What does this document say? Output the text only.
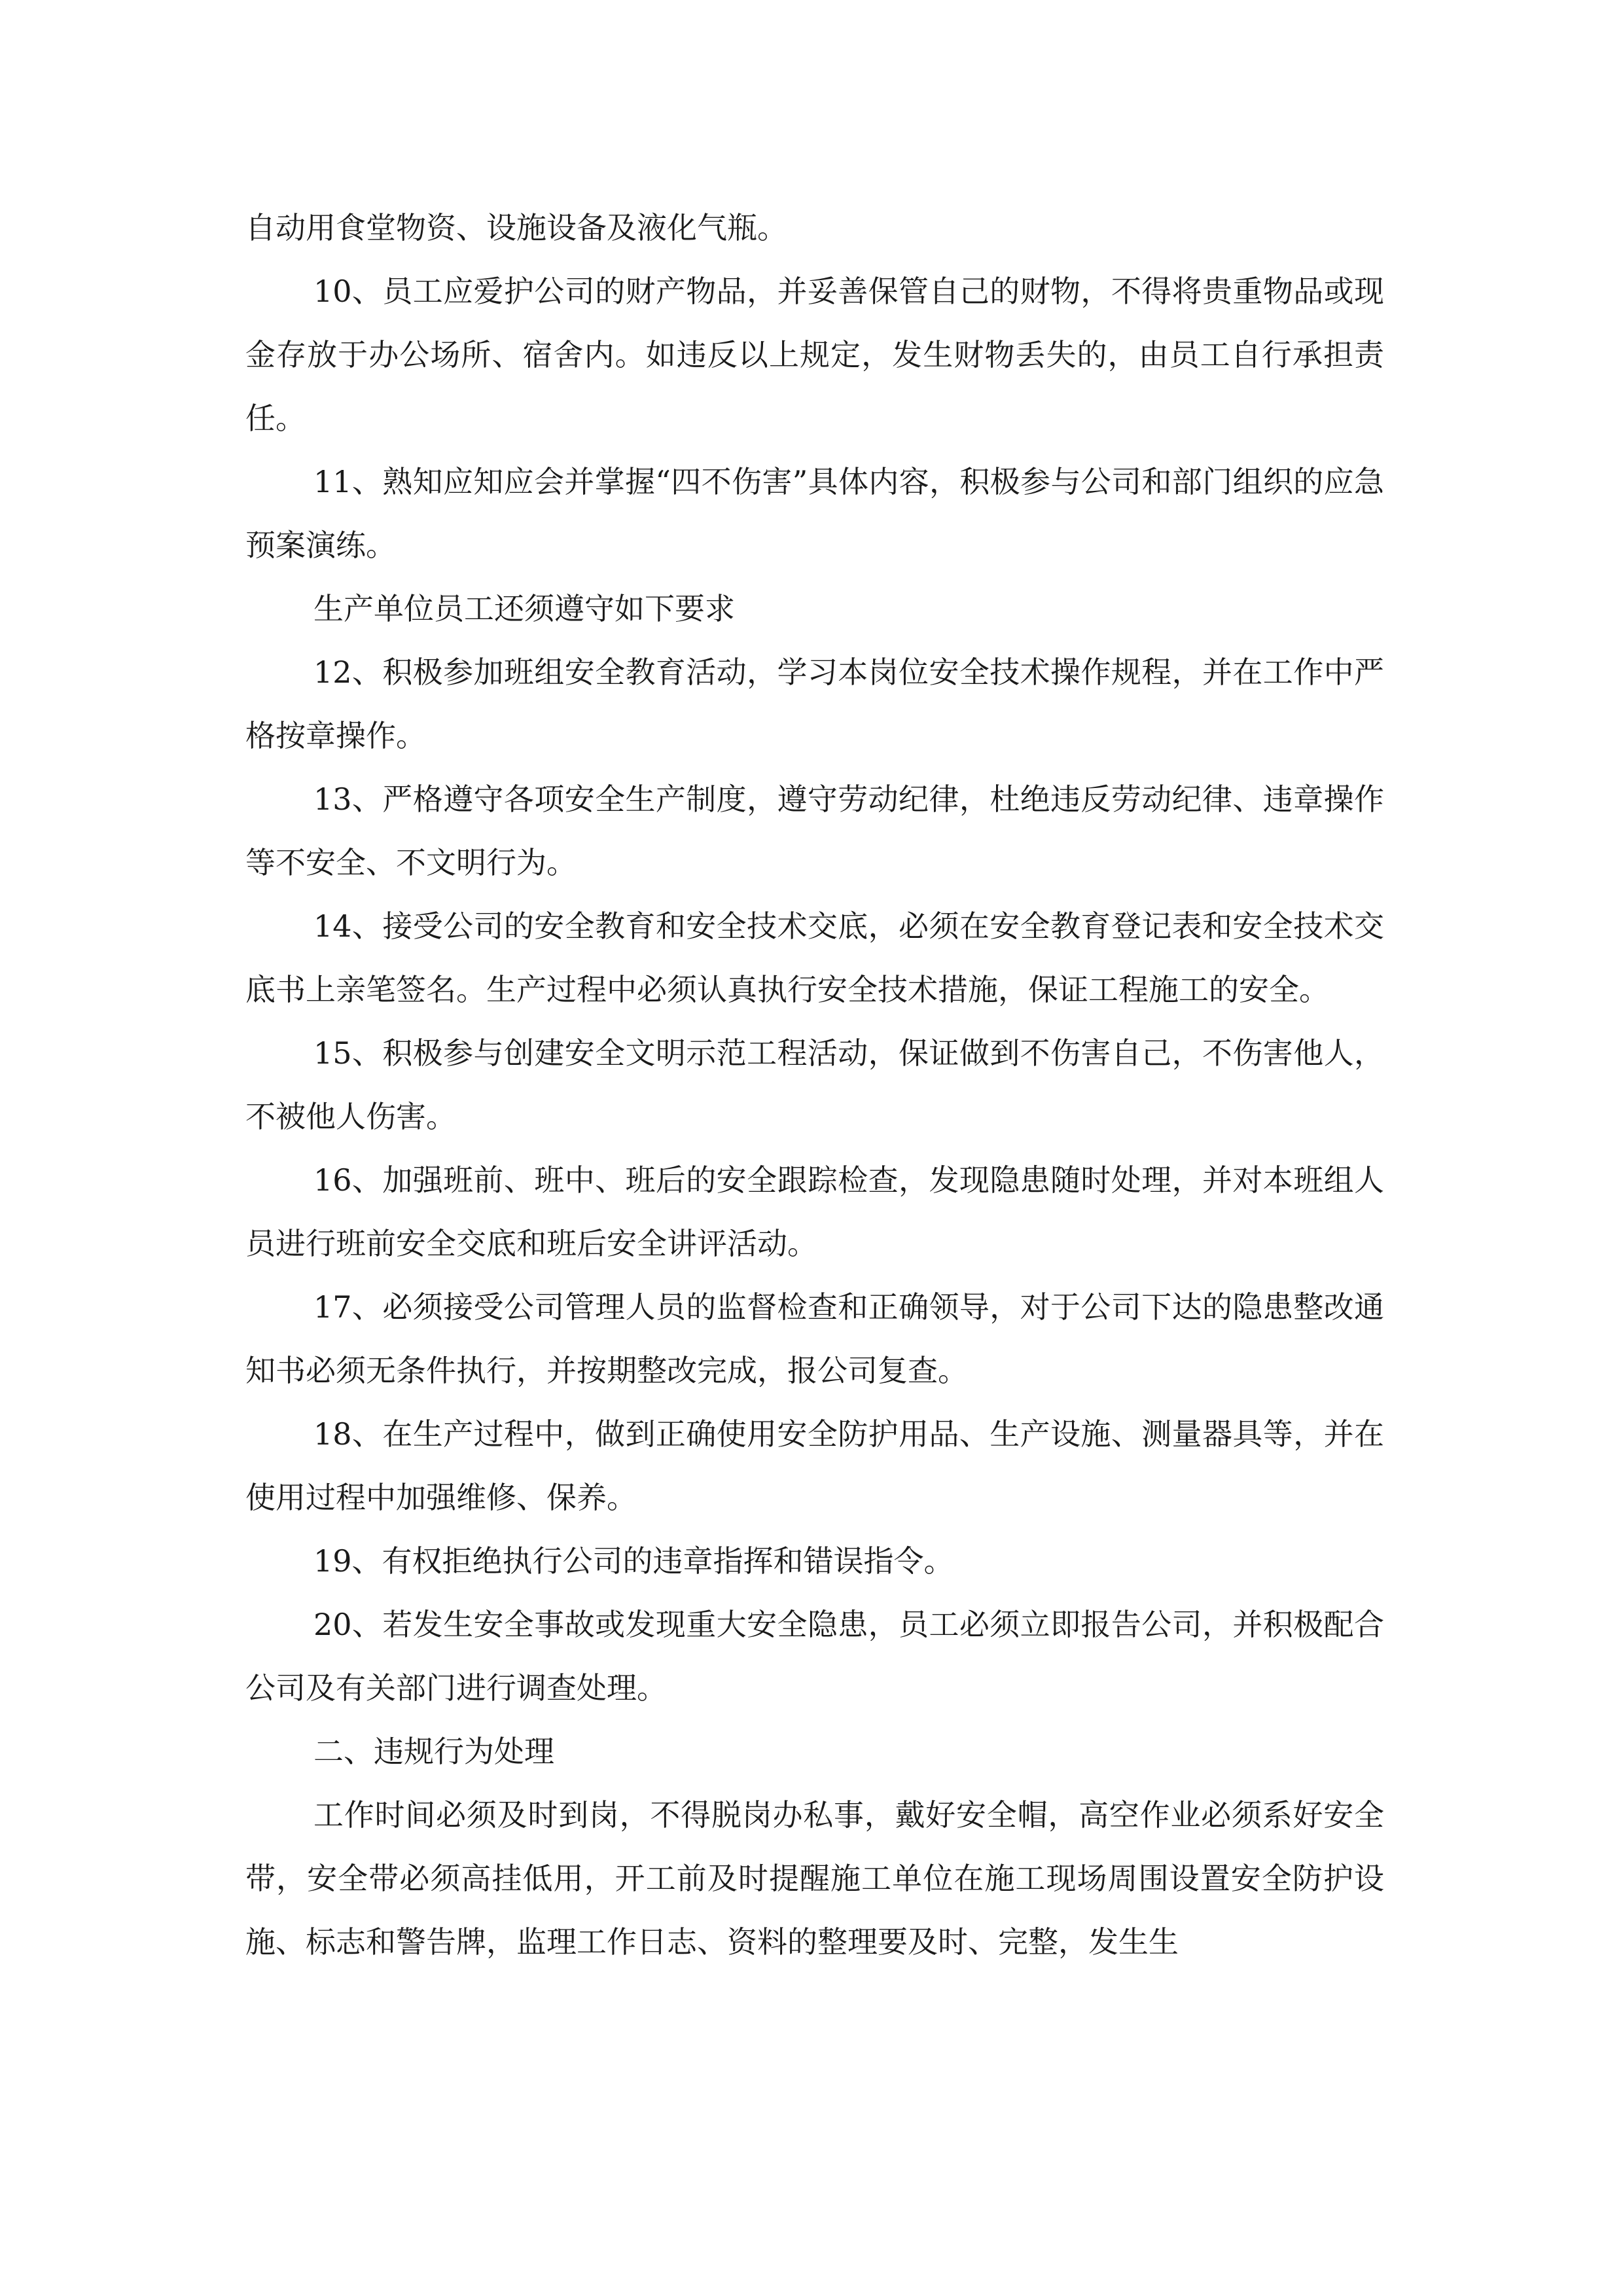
自动用食堂物资、设施设备及液化气瓶。

10、员工应爱护公司的财产物品，并妥善保管自己的财物，不得将贵重物品或现金存放于办公场所、宿舍内。如违反以上规定，发生财物丢失的，由员工自行承担责任。

11、熟知应知应会并掌握“四不伤害”具体内容，积极参与公司和部门组织的应急预案演练。

生产单位员工还须遵守如下要求

12、积极参加班组安全教育活动，学习本岗位安全技术操作规程，并在工作中严格按章操作。

13、严格遵守各项安全生产制度，遵守劳动纪律，杜绝违反劳动纪律、违章操作等不安全、不文明行为。

14、接受公司的安全教育和安全技术交底，必须在安全教育登记表和安全技术交底书上亲笔签名。生产过程中必须认真执行安全技术措施，保证工程施工的安全。

15、积极参与创建安全文明示范工程活动，保证做到不伤害自己，不伤害他人，不被他人伤害。

16、加强班前、班中、班后的安全跟踪检查，发现隐患随时处理，并对本班组人员进行班前安全交底和班后安全讲评活动。

17、必须接受公司管理人员的监督检查和正确领导，对于公司下达的隐患整改通知书必须无条件执行，并按期整改完成，报公司复查。

18、在生产过程中，做到正确使用安全防护用品、生产设施、测量器具等，并在使用过程中加强维修、保养。

19、有权拒绝执行公司的违章指挥和错误指令。

20、若发生安全事故或发现重大安全隐患，员工必须立即报告公司，并积极配合公司及有关部门进行调查处理。

二、违规行为处理

工作时间必须及时到岗，不得脱岗办私事，戴好安全帽，高空作业必须系好安全带，安全带必须高挂低用，开工前及时提醒施工单位在施工现场周围设置安全防护设施、标志和警告牌，监理工作日志、资料的整理要及时、完整，发生生
